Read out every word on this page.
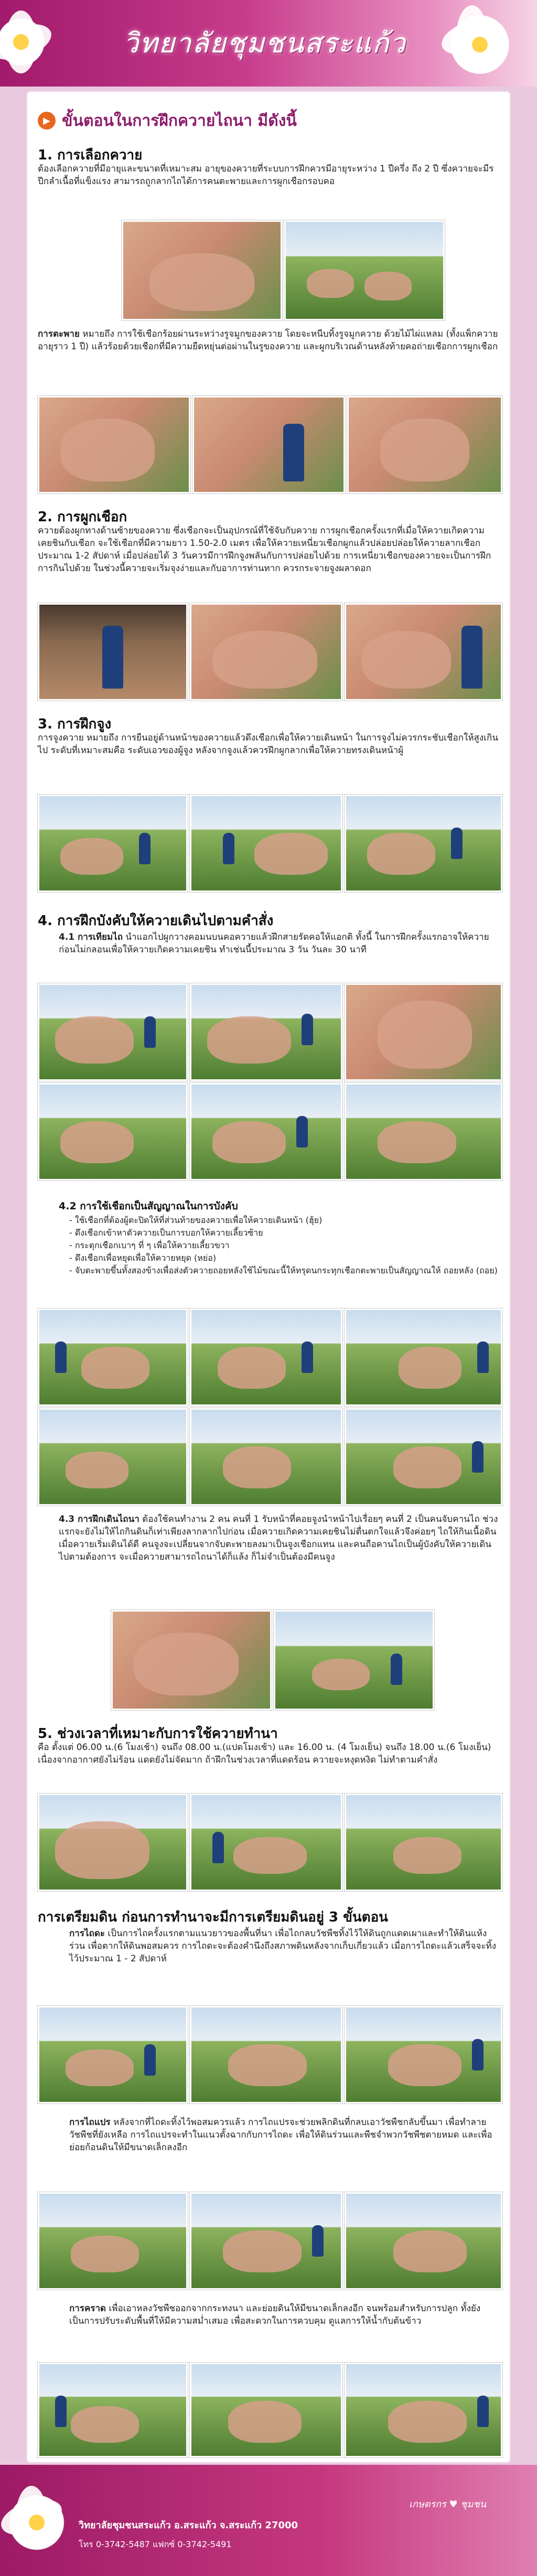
วิทยาลัยชุมชนสระแก้ว
▶ ขั้นตอนในการฝึกควายไถนา มีดังนี้
1. การเลือกควาย
ต้องเลือกควายที่มีอายุและขนาดที่เหมาะสม อายุของควายที่ระบบการฝึกควรมีอายุระหว่าง 1 ปีครึ่ง ถึง 2 ปี ซึ่งควายจะมีรปีกลำเนื้อที่แข็งแรง สามารถถูกลากไถได้การคนตะพายและการผูกเชือกรอบคอ
การตะพาย หมายถึง การใช้เชือกร้อยผ่านระหว่างรูจมูกของควาย โดยจะหนีบทิ้งรูจมูกควาย ด้วยไม้ไผ่แหลม (ทั้งแพ็กควายอายุราว 1 ปี) แล้วร้อยด้วยเชือกที่มีความยืดหยุ่นต่อผ่านในรูของควาย และผูกบริเวณด้านหลังท้ายคอถ่ายเชือกการผูกเชือก
2. การผูกเชือก
ควายต้องผูกทางด้านซ้ายของควาย ซึ่งเชือกจะเป็นอุปกรณ์ที่ใช้จับกับควาย การผูกเชือกครั้งแรกที่เมื่อให้ควายเกิดความเคยชินกับเชือก จะใช้เชือกที่มีความยาว 1.50-2.0 เมตร เพื่อให้ควายเหนี่ยวเชือกผูกแล้วปล่อยปล่อยให้ควายลากเชือกประมาณ 1-2 สัปดาห์ เมื่อปล่อยได้ 3 วันควรมีการฝึกจูงพลันกับการปล่อยไปด้วย การเหนี่ยวเชือกของควายจะเป็นการฝึกการกินไปด้วย ในช่วงนี้ควายจะเริ่มจุงง่ายและกับอาการท่านทาก ควรกระจายจูงผลาดอก
3. การฝึกจูง
การจูงควาย หมายถึง การยืนอยู่ด้านหน้าของควายแล้วดึงเชือกเพื่อให้ควายเดินหน้า ในการจูงไม่ควรกระชับเชือกให้สูงเกินไป ระดับที่เหมาะสมคือ ระดับเอวของผู้จูง หลังจากจูงแล้วควรฝึกผูกลากเพื่อให้ควายทรงเดินหน้าผู้
4. การฝึกบังคับให้ควายเดินไปตามคำสั่ง
4.1 การเทียมไถ นำแอกไปผูกวางคอมนบนคอควายแล้วฝึกสายรัดคอให้แอกติ ทั้งนี้ ในการฝึกครั้งแรกอาจให้ควายก่อนไม่กลอนเพื่อให้ควายเกิดความเคยชิน ทำเช่นนี้ประมาณ 3 วัน วันละ 30 นาที
4.2 การใช้เชือกเป็นสัญญาณในการบังคับ
- ใช้เชือกที่ต้องผู้ตะปิดให้ที่ส่วนท้ายของควายเพื่อให้ควายเดินหน้า (ฮุ้ย)
- ดึงเชือกเข้าหาตัวควายเป็นการบอกให้ควายเลี้ยวซ้าย
- กระตุกเชือกเบาๆ ที่ ๆ เพื่อให้ควายเลี้ยวขวา
- ดึงเชือกเพื่อหยุดเพื่อให้ควายหยุด (หย่อ)
- จับตะพายขึ้นทั้งสองข้างเพื่อส่งตัวควายถอยหลังใช้ไม้ขณะนี้ให้ทรุดนกระทุกเชือกตะพายเป็นสัญญาณให้ ถอยหลัง (ถอย)
4.3 การฝึกเดินไถนา ต้องใช้คนทำงาน 2 คน คนที่ 1 รับหน้าที่คอยจูงนำหน้าไปเรื่อยๆ คนที่ 2 เป็นคนจับคานไถ ช่วงแรกจะยังไม่ให้ไถกินดินก็เท่าเพียงลากลากไปก่อน เมื่อควายเกิดความเคยชินไม่ตื่นตกใจแล้วจึงค่อยๆ ไถให้กินเนื้อดิน เมื่อควายเริ่มเดินได้ดี คนจูงจะเปลี่ยนจากจับตะพายลงมาเป็นจูงเชือกแทน และคนถือคานไถเป็นผู้บังคับให้ควายเดินไปตามต้องการ จะเมื่อควายสามารถไถนาได้ก็แล้ง ก็ไม่จำเป็นต้องมีคนจูง
5. ช่วงเวลาที่เหมาะกับการใช้ควายทำนา
คือ ตั้งแต่ 06.00 น.(6 โมงเช้า) จนถึง 08.00 น.(แปดโมงเช้า) และ 16.00 น. (4 โมงเย็น) จนถึง 18.00 น.(6 โมงเย็น) เนื่องจากอากาศยังไม่ร้อน แดดยังไม่จัดมาก ถ้าฝึกในช่วงเวลาที่แดดร้อน ควายจะหงุดหงิด ไม่ทำตามคำสั่ง
การเตรียมดิน ก่อนการทำนาจะมีการเตรียมดินอยู่ 3 ขั้นตอน
การไถดะ เป็นการไถครั้งแรกตามแนวยาวของพื้นที่นา เพื่อไถกลบวัชพืชทิ้งไว้ให้ดินถูกแดดเผาและทำให้ดินแห้ง ร่วน เพื่อตากให้ดินพอสมควร การไถดะจะต้องคำนึงถึงสภาพดินหลังจากเก็บเกี่ยวแล้ว เมื่อการไถดะแล้วเสร็จจะทิ้งไว้ประมาณ 1 - 2 สัปดาห์
การไถแปร หลังจากที่ไถดะทิ้งไว้พอสมควรแล้ว การไถแปรจะช่วยพลิกดินที่กลบเอาวัชพืชกลับขึ้นมา เพื่อทำลายวัชพืชที่ยังเหลือ การไถแปรจะทำในแนวตั้งฉากกับการไถดะ เพื่อให้ดินร่วนและพืชจำพวกวัชพืชตายหมด และเพื่อย่อยก้อนดินให้มีขนาดเล็กลงอีก
การคราด เพื่อเอาหลงวัชพืชออกจากกระทงนา และย่อยดินให้มีขนาดเล็กลงอีก จนพร้อมสำหรับการปลูก ทั้งยังเป็นการปรับระดับพื้นที่ให้มีความสม่ำเสมอ เพื่อสะดวกในการควบคุม ดูแลการให้น้ำกับต้นข้าว
เกษตรกร ♥ ชุมชน
วิทยาลัยชุมชนสระแก้ว อ.สระแก้ว จ.สระแก้ว 27000
โทร 0-3742-5487 แฟกซ์ 0-3742-5491
